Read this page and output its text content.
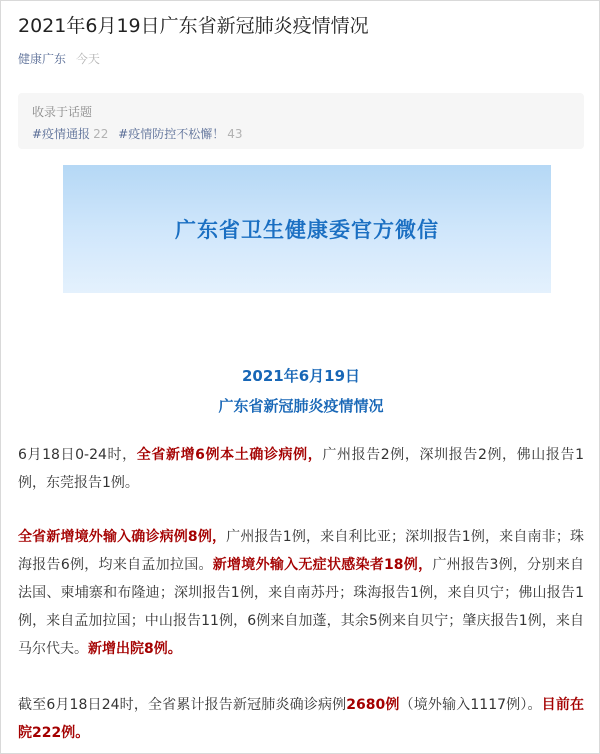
2021年6月19日广东省新冠肺炎疫情情况
健康广东 今天
收录于话题
#疫情通报 22 #疫情防控不松懈！ 43
广东省卫生健康委官方微信
2021年6月19日
广东省新冠肺炎疫情情况
6月18日0-24时，全省新增6例本土确诊病例，广州报告2例，深圳报告2例，佛山报告1例，东莞报告1例。
全省新增境外输入确诊病例8例，广州报告1例，来自利比亚；深圳报告1例，来自南非；珠海报告6例，均来自孟加拉国。新增境外输入无症状感染者18例，广州报告3例，分别来自法国、柬埔寨和布隆迪；深圳报告1例，来自南苏丹；珠海报告1例，来自贝宁；佛山报告1例，来自孟加拉国；中山报告11例，6例来自加蓬，其余5例来自贝宁；肇庆报告1例，来自马尔代夫。新增出院8例。
截至6月18日24时，全省累计报告新冠肺炎确诊病例2680例（境外输入1117例）。目前在院222例。
